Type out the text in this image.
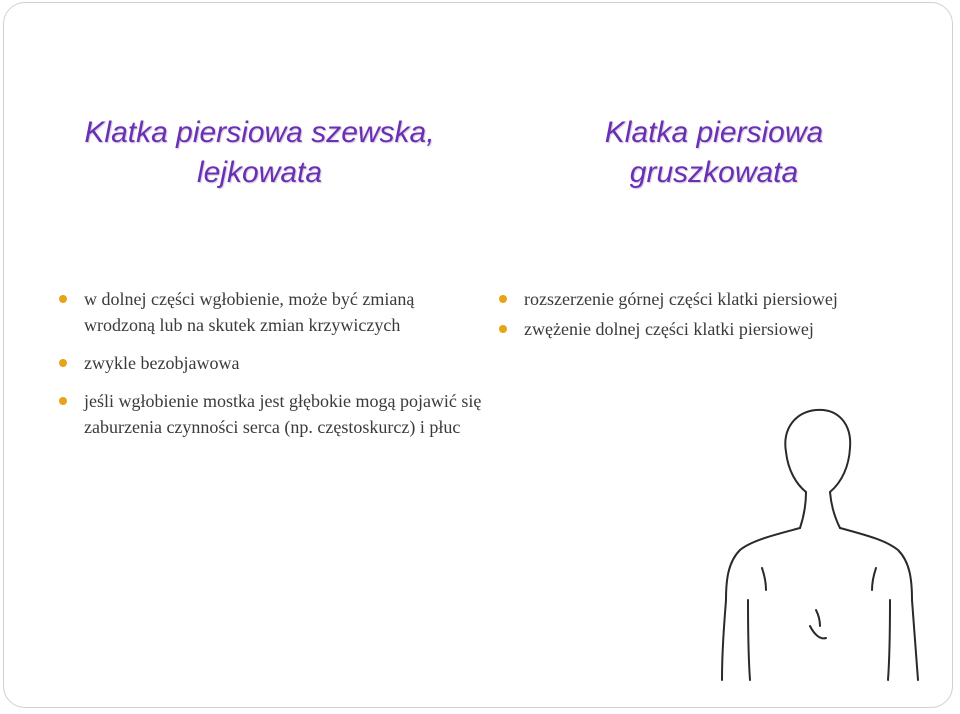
Klatka piersiowa szewska,
lejkowata
Klatka piersiowa
gruszkowata
w dolnej części wgłobienie, może być zmianą wrodzoną lub na skutek zmian krzywiczych
zwykle bezobjawowa
jeśli wgłobienie mostka jest głębokie mogą pojawić się zaburzenia czynności serca (np. częstoskurcz) i płuc
rozszerzenie górnej części klatki piersiowej
zwężenie dolnej części klatki piersiowej
